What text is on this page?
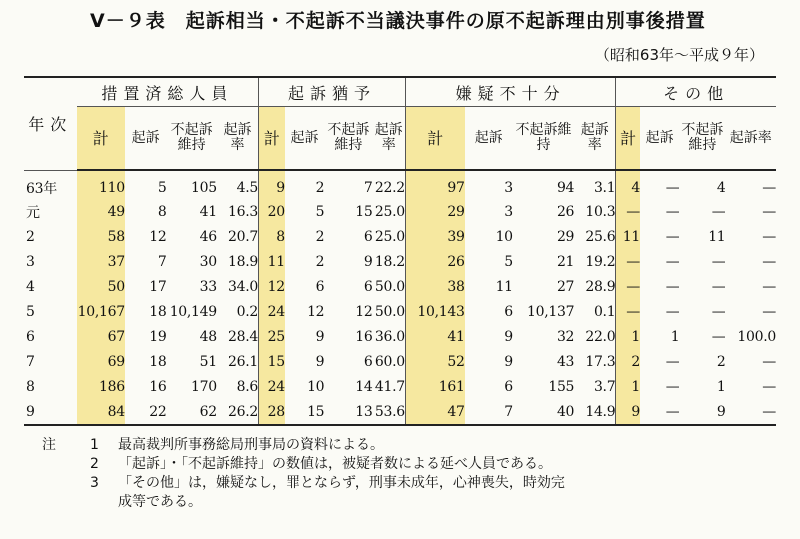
Ⅴ－９表　起訴相当・不起訴不当議決事件の原不起訴理由別事後措置
（昭和63年～平成９年）
年次	措置済総人員				起訴猶予				嫌疑不十分				その他			
	計	起訴	不起訴維持	起訴率	計	起訴	不起訴維持	起訴率	計	起訴	不起訴維持	起訴率	計	起訴	不起訴維持	起訴率
63年	110	5	105	4.5	9	2	7	22.2	97	3	94	3.1	4	—	4	—
元	49	8	41	16.3	20	5	15	25.0	29	3	26	10.3	—	—	—	—
2	58	12	46	20.7	8	2	6	25.0	39	10	29	25.6	11	—	11	—
3	37	7	30	18.9	11	2	9	18.2	26	5	21	19.2	—	—	—	—
4	50	17	33	34.0	12	6	6	50.0	38	11	27	28.9	—	—	—	—
5	10,167	18	10,149	0.2	24	12	12	50.0	10,143	6	10,137	0.1	—	—	—	—
6	67	19	48	28.4	25	9	16	36.0	41	9	32	22.0	1	1	—	100.0
7	69	18	51	26.1	15	9	6	60.0	52	9	43	17.3	2	—	2	—
8	186	16	170	8.6	24	10	14	41.7	161	6	155	3.7	1	—	1	—
9	84	22	62	26.2	28	15	13	53.6	47	7	40	14.9	9	—	9	—
注	1	最高裁判所事務総局刑事局の資料による。
2	「起訴」・「不起訴維持」の数値は，被疑者数による延べ人員である。
3	「その他」は，嫌疑なし，罪とならず，刑事未成年，心神喪失，時効完
成等である。
